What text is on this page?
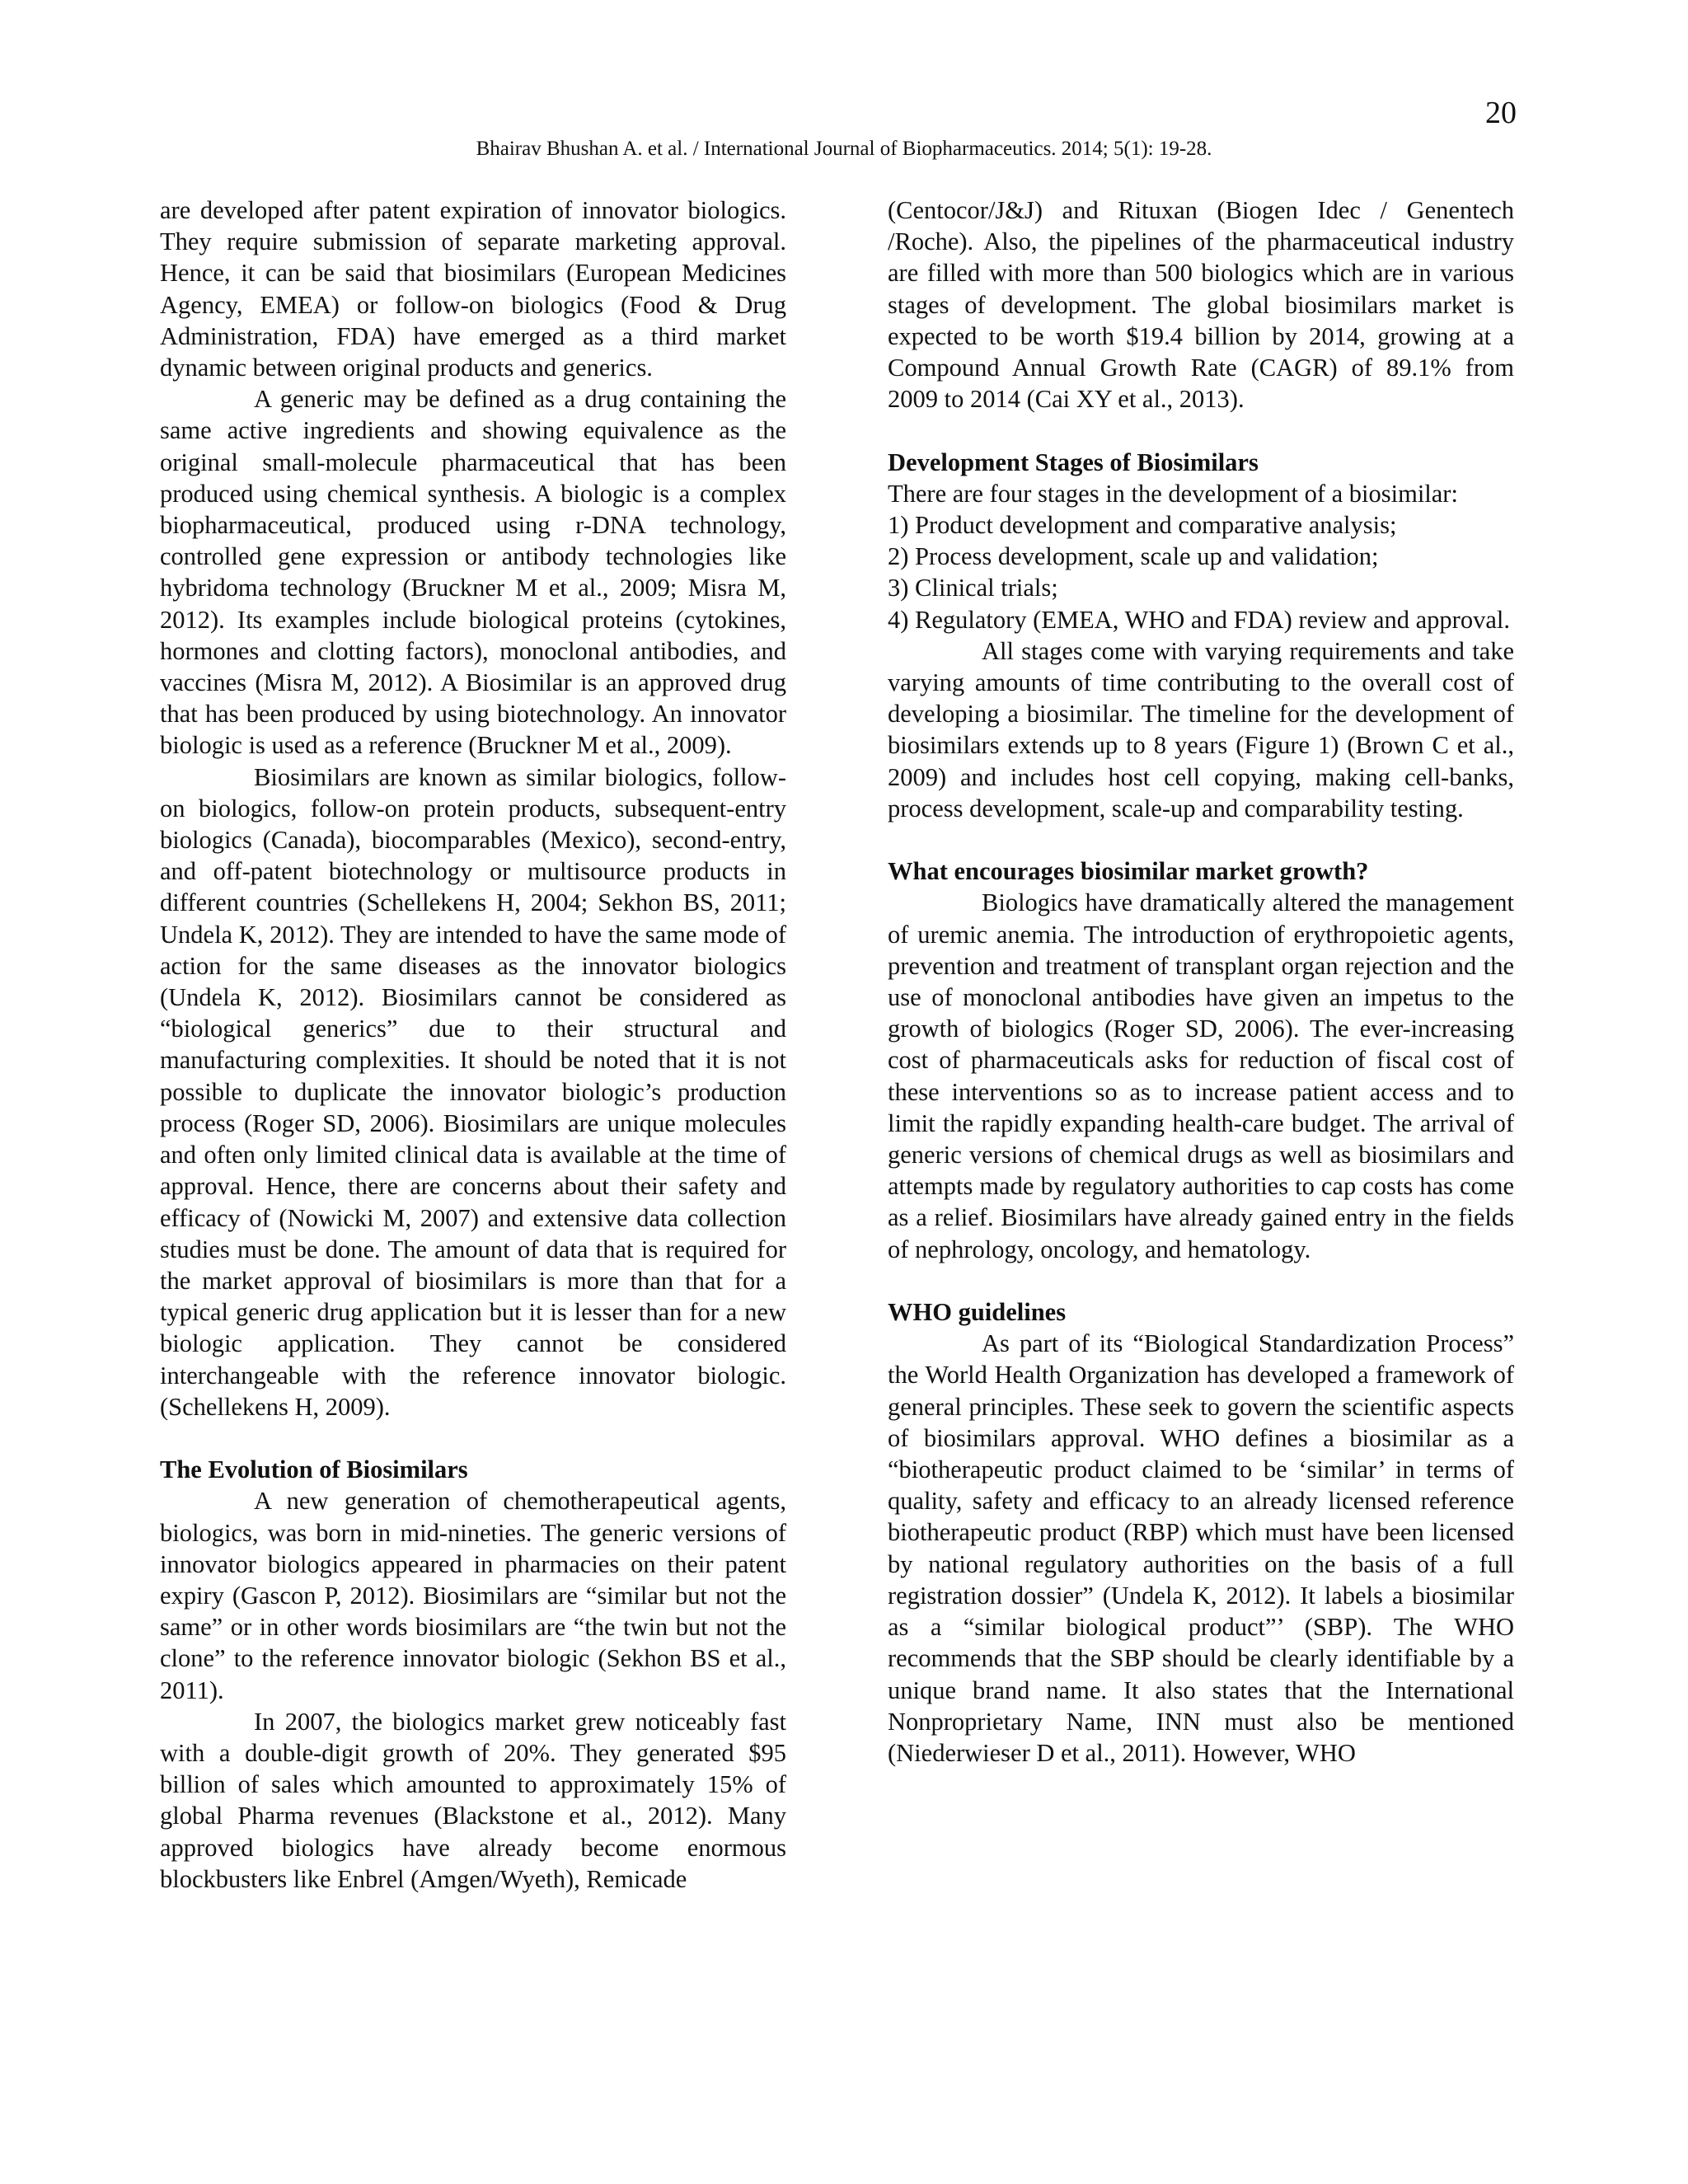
20
Bhairav Bhushan A. et al. / International Journal of Biopharmaceutics. 2014; 5(1): 19-28.

are developed after patent expiration of innovator biologics. They require submission of separate marketing approval. Hence, it can be said that biosimilars (European Medicines Agency, EMEA) or follow-on biologics (Food & Drug Administration, FDA) have emerged as a third market dynamic between original products and generics.

A generic may be defined as a drug containing the same active ingredients and showing equivalence as the original small-molecule pharmaceutical that has been produced using chemical synthesis. A biologic is a complex biopharmaceutical, produced using r-DNA technology, controlled gene expression or antibody technologies like hybridoma technology (Bruckner M et al., 2009; Misra M, 2012). Its examples include biological proteins (cytokines, hormones and clotting factors), monoclonal antibodies, and vaccines (Misra M, 2012). A Biosimilar is an approved drug that has been produced by using biotechnology. An innovator biologic is used as a reference (Bruckner M et al., 2009).

Biosimilars are known as similar biologics, follow-on biologics, follow-on protein products, subsequent-entry biologics (Canada), biocomparables (Mexico), second-entry, and off-patent biotechnology or multisource products in different countries (Schellekens H, 2004; Sekhon BS, 2011; Undela K, 2012). They are intended to have the same mode of action for the same diseases as the innovator biologics (Undela K, 2012). Biosimilars cannot be considered as “biological generics” due to their structural and manufacturing complexities. It should be noted that it is not possible to duplicate the innovator biologic’s production process (Roger SD, 2006). Biosimilars are unique molecules and often only limited clinical data is available at the time of approval. Hence, there are concerns about their safety and efficacy of (Nowicki M, 2007) and extensive data collection studies must be done. The amount of data that is required for the market approval of biosimilars is more than that for a typical generic drug application but it is lesser than for a new biologic application. They cannot be considered interchangeable with the reference innovator biologic. (Schellekens H, 2009).

The Evolution of Biosimilars

A new generation of chemotherapeutical agents, biologics, was born in mid-nineties. The generic versions of innovator biologics appeared in pharmacies on their patent expiry (Gascon P, 2012). Biosimilars are “similar but not the same” or in other words biosimilars are “the twin but not the clone” to the reference innovator biologic (Sekhon BS et al., 2011).

In 2007, the biologics market grew noticeably fast with a double-digit growth of 20%. They generated $95 billion of sales which amounted to approximately 15% of global Pharma revenues (Blackstone et al., 2012). Many approved biologics have already become enormous blockbusters like Enbrel (Amgen/Wyeth), Remicade

(Centocor/J&J) and Rituxan (Biogen Idec / Genentech /Roche). Also, the pipelines of the pharmaceutical industry are filled with more than 500 biologics which are in various stages of development. The global biosimilars market is expected to be worth $19.4 billion by 2014, growing at a Compound Annual Growth Rate (CAGR) of 89.1% from 2009 to 2014 (Cai XY et al., 2013).

Development Stages of Biosimilars

There are four stages in the development of a biosimilar:

1) Product development and comparative analysis;

2) Process development, scale up and validation;

3) Clinical trials;

4) Regulatory (EMEA, WHO and FDA) review and approval.

All stages come with varying requirements and take varying amounts of time contributing to the overall cost of developing a biosimilar. The timeline for the development of biosimilars extends up to 8 years (Figure 1) (Brown C et al., 2009) and includes host cell copying, making cell-banks, process development, scale-up and comparability testing.

What encourages biosimilar market growth?

Biologics have dramatically altered the management of uremic anemia. The introduction of erythropoietic agents, prevention and treatment of transplant organ rejection and the use of monoclonal antibodies have given an impetus to the growth of biologics (Roger SD, 2006). The ever-increasing cost of pharmaceuticals asks for reduction of fiscal cost of these interventions so as to increase patient access and to limit the rapidly expanding health-care budget. The arrival of generic versions of chemical drugs as well as biosimilars and attempts made by regulatory authorities to cap costs has come as a relief. Biosimilars have already gained entry in the fields of nephrology, oncology, and hematology.

WHO guidelines

As part of its “Biological Standardization Process” the World Health Organization has developed a framework of general principles. These seek to govern the scientific aspects of biosimilars approval. WHO defines a biosimilar as a “biotherapeutic product claimed to be ‘similar’ in terms of quality, safety and efficacy to an already licensed reference biotherapeutic product (RBP) which must have been licensed by national regulatory authorities on the basis of a full registration dossier” (Undela K, 2012). It labels a biosimilar as a “similar biological product”’ (SBP). The WHO recommends that the SBP should be clearly identifiable by a unique brand name. It also states that the International Nonproprietary Name, INN must also be mentioned (Niederwieser D et al., 2011). However, WHO
